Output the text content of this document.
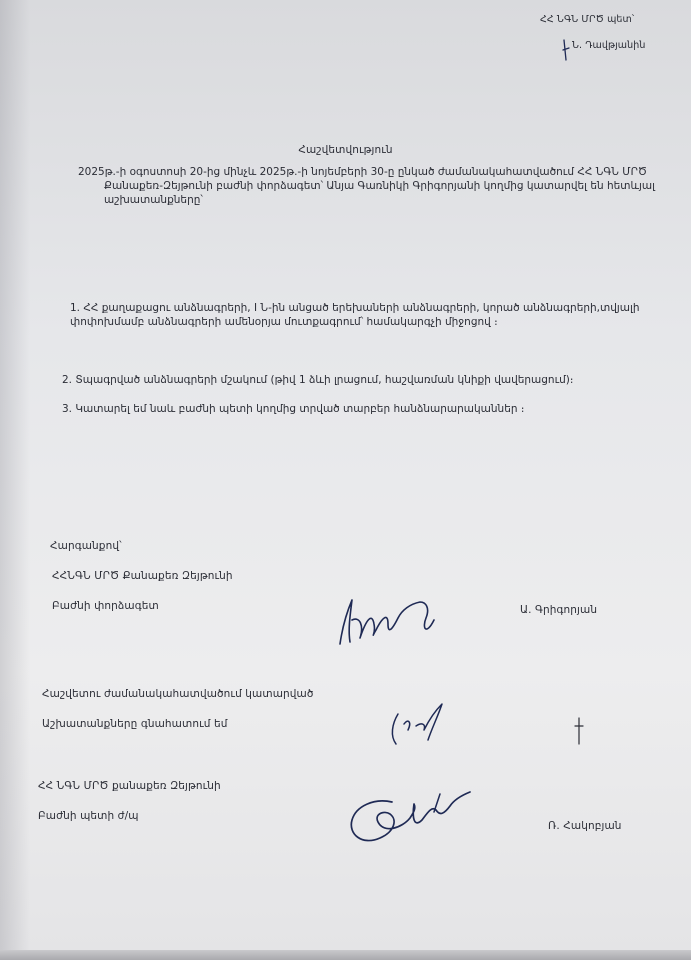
ՀՀ ՆԳՆ ՄՐԾ պետ՝
Ն. Դավթյանին
Հաշվետվություն
2025թ.-ի օգոստոսի 20-ից մինչև 2025թ.-ի նոյեմբերի 30-ը ընկած ժամանակահատվածում ՀՀ ՆԳՆ ՄՐԾ Քանաքեռ-Զեյթունի բաժնի փորձագետ՝ Անյա Գառնիկի Գրիգորյանի կողմից կատարվել են հետևյալ աշխատանքները՝
1. ՀՀ քաղաքացու անձնագրերի, I Ն-ին անցած երեխաների անձնագրերի, կորած անձնագրերի,տվյալի փոփոխմամբ անձնագրերի ամենօրյա մուտքագրում՝ համակարգչի միջոցով ։
2. Տպագրված անձնագրերի մշակում (թիվ 1 ձևի լրացում, հաշվառման կնիքի վավերացում)։
3. Կատարել եմ նաև բաժնի պետի կողմից տրված տարբեր հանձնարարականներ ։
Հարգանքով՝
ՀՀՆԳՆ ՄՐԾ Քանաքեռ Զեյթունի
Բաժնի փորձագետ	Ա. Գրիգորյան
Հաշվետու ժամանակահատվածում կատարված
Աշխատանքները գնահատում եմ
ՀՀ ՆԳՆ ՄՐԾ քանաքեռ Զեյթունի
Բաժնի պետի ժ/պ
Ռ. Հակոբյան
